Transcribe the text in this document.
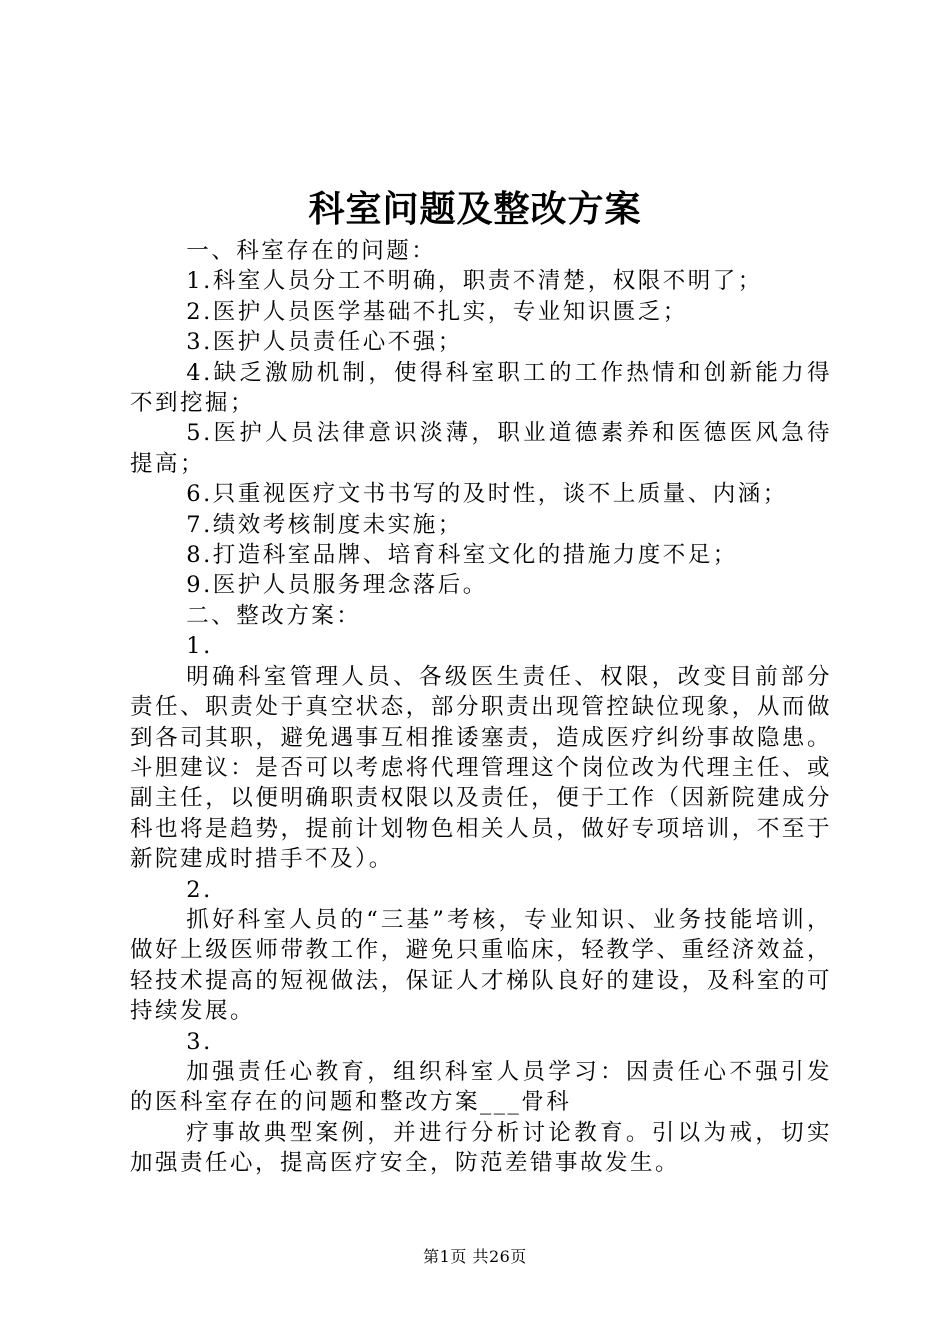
科室问题及整改方案

一、科室存在的问题：

1.科室人员分工不明确，职责不清楚，权限不明了；

2.医护人员医学基础不扎实，专业知识匮乏；

3.医护人员责任心不强；

4.缺乏激励机制，使得科室职工的工作热情和创新能力得不到挖掘；

5.医护人员法律意识淡薄，职业道德素养和医德医风急待提高；

6.只重视医疗文书书写的及时性，谈不上质量、内涵；

7.绩效考核制度未实施；

8.打造科室品牌、培育科室文化的措施力度不足；

9.医护人员服务理念落后。

二、整改方案：

1.

明确科室管理人员、各级医生责任、权限，改变目前部分责任、职责处于真空状态，部分职责出现管控缺位现象，从而做到各司其职，避免遇事互相推诿塞责，造成医疗纠纷事故隐患。斗胆建议：是否可以考虑将代理管理这个岗位改为代理主任、或副主任，以便明确职责权限以及责任，便于工作（因新院建成分科也将是趋势，提前计划物色相关人员，做好专项培训，不至于新院建成时措手不及）。

2.

抓好科室人员的“三基”考核，专业知识、业务技能培训，做好上级医师带教工作，避免只重临床，轻教学、重经济效益，轻技术提高的短视做法，保证人才梯队良好的建设，及科室的可持续发展。

3.

加强责任心教育，组织科室人员学习：因责任心不强引发的医科室存在的问题和整改方案___骨科

疗事故典型案例，并进行分析讨论教育。引以为戒，切实加强责任心，提高医疗安全，防范差错事故发生。

第1页 共26页
